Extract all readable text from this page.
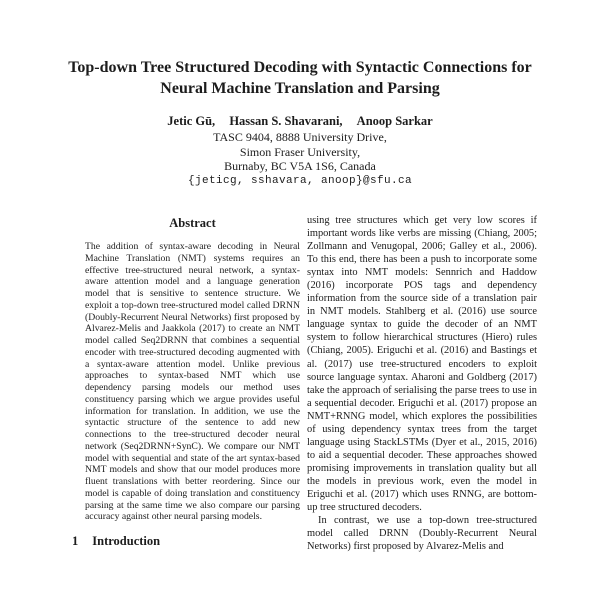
Top-down Tree Structured Decoding with Syntactic Connections for
Neural Machine Translation and Parsing
Jetic Gū, Hassan S. Shavarani, Anoop Sarkar
TASC 9404, 8888 University Drive,
Simon Fraser University,
Burnaby, BC V5A 1S6, Canada
{jeticg, sshavara, anoop}@sfu.ca
Abstract

The addition of syntax-aware decoding in Neural Machine Translation (NMT) systems requires an effective tree-structured neural network, a syntax-aware attention model and a language generation model that is sensitive to sentence structure. We exploit a top-down tree-structured model called DRNN (Doubly-Recurrent Neural Networks) first proposed by Alvarez-Melis and Jaakkola (2017) to create an NMT model called Seq2DRNN that combines a sequential encoder with tree-structured decoding augmented with a syntax-aware attention model. Unlike previous approaches to syntax-based NMT which use dependency parsing models our method uses constituency parsing which we argue provides useful information for translation. In addition, we use the syntactic structure of the sentence to add new connections to the tree-structured decoder neural network (Seq2DRNN+SynC). We compare our NMT model with sequential and state of the art syntax-based NMT models and show that our model produces more fluent translations with better reordering. Since our model is capable of doing translation and constituency parsing at the same time we also compare our parsing accuracy against other neural parsing models.

1 Introduction

using tree structures which get very low scores if important words like verbs are missing (Chiang, 2005; Zollmann and Venugopal, 2006; Galley et al., 2006). To this end, there has been a push to incorporate some syntax into NMT models: Sennrich and Haddow (2016) incorporate POS tags and dependency information from the source side of a translation pair in NMT models. Stahlberg et al. (2016) use source language syntax to guide the decoder of an NMT system to follow hierarchical structures (Hiero) rules (Chiang, 2005). Eriguchi et al. (2016) and Bastings et al. (2017) use tree-structured encoders to exploit source language syntax. Aharoni and Goldberg (2017) take the approach of serialising the parse trees to use in a sequential decoder. Eriguchi et al. (2017) propose an NMT+RNNG model, which explores the possibilities of using dependency syntax trees from the target language using StackLSTMs (Dyer et al., 2015, 2016) to aid a sequential decoder. These approaches showed promising improvements in translation quality but all the models in previous work, even the model in Eriguchi et al. (2017) which uses RNNG, are bottom-up tree structured decoders.

In contrast, we use a top-down tree-structured model called DRNN (Doubly-Recurrent Neural Networks) first proposed by Alvarez-Melis and
